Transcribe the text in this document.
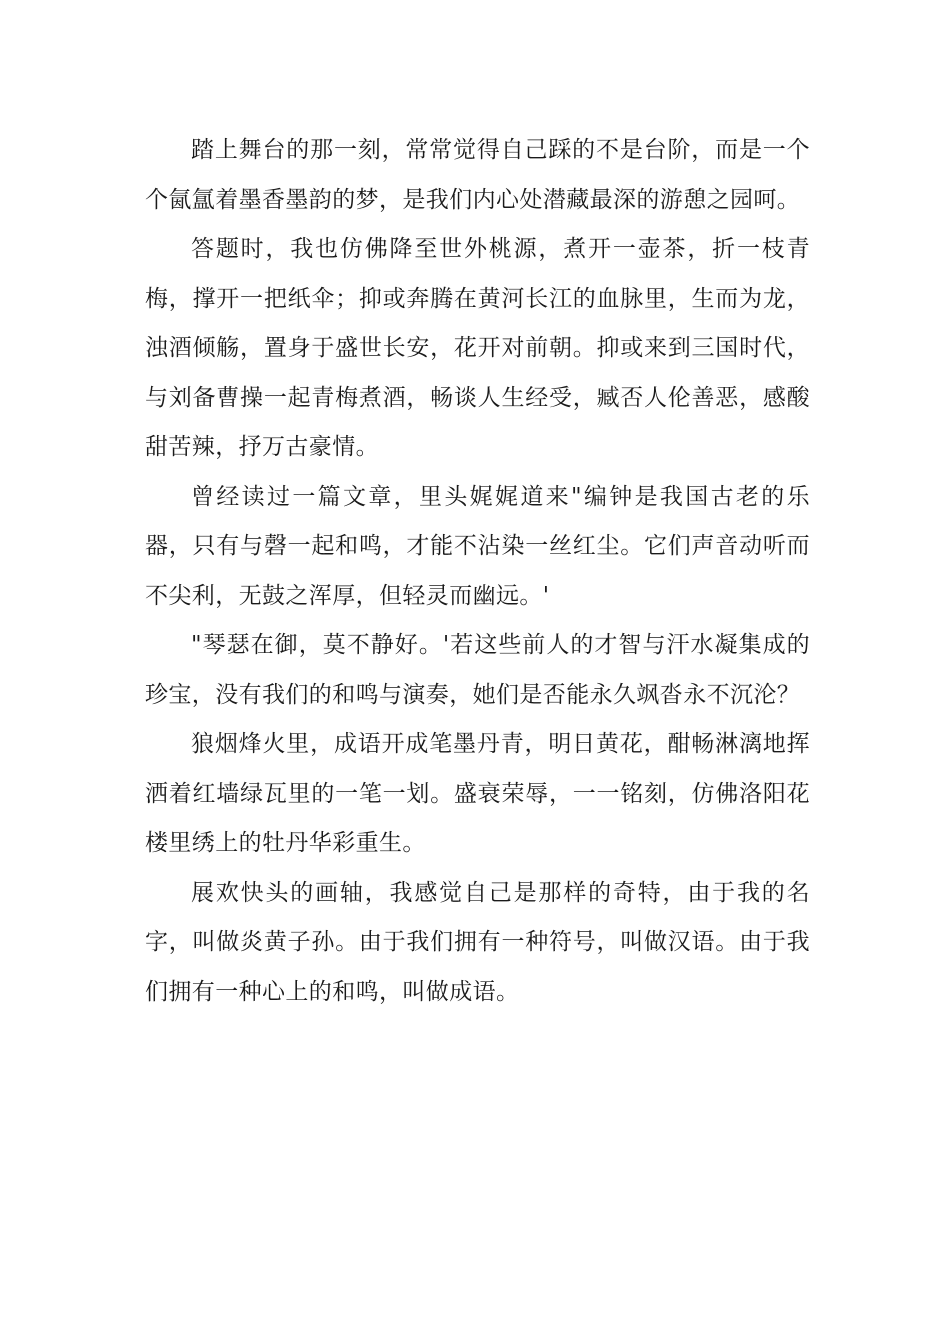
踏上舞台的那一刻，常常觉得自己踩的不是台阶，而是一个个氤氲着墨香墨韵的梦，是我们内心处潜藏最深的游憩之园呵。

答题时，我也仿佛降至世外桃源，煮开一壶茶，折一枝青梅，撑开一把纸伞；抑或奔腾在黄河长江的血脉里，生而为龙，浊酒倾觞，置身于盛世长安，花开对前朝。抑或来到三国时代，与刘备曹操一起青梅煮酒，畅谈人生经受，臧否人伦善恶，感酸甜苦辣，抒万古豪情。

曾经读过一篇文章，里头娓娓道来"编钟是我国古老的乐器，只有与磬一起和鸣，才能不沾染一丝红尘。它们声音动听而不尖利，无鼓之浑厚，但轻灵而幽远。'

"琴瑟在御，莫不静好。'若这些前人的才智与汗水凝集成的珍宝，没有我们的和鸣与演奏，她们是否能永久飒沓永不沉沦？

狼烟烽火里，成语开成笔墨丹青，明日黄花，酣畅淋漓地挥洒着红墙绿瓦里的一笔一划。盛衰荣辱，一一铭刻，仿佛洛阳花楼里绣上的牡丹华彩重生。

展欢快头的画轴，我感觉自己是那样的奇特，由于我的名字，叫做炎黄子孙。由于我们拥有一种符号，叫做汉语。由于我们拥有一种心上的和鸣，叫做成语。
